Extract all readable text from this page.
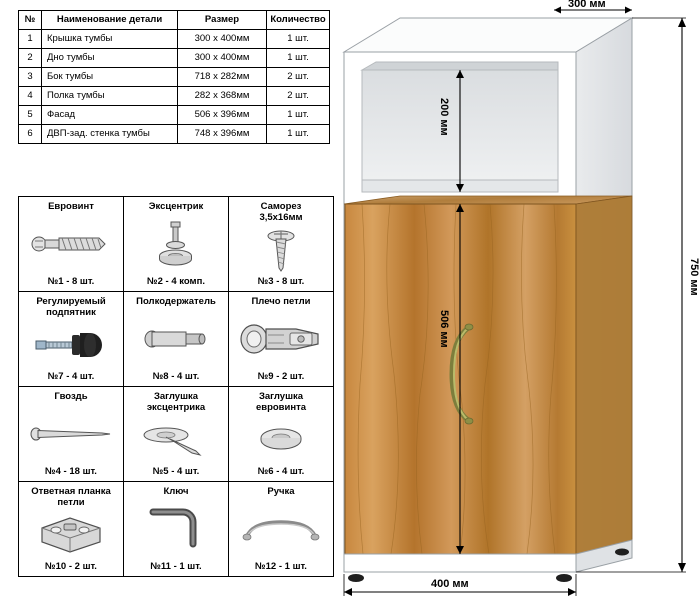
№	Наименование детали	Размер	Количество
1	Крышка тумбы	300 x 400мм	1 шт.
2	Дно тумбы	300 x 400мм	1 шт.
3	Бок тумбы	718 x 282мм	2 шт.
4	Полка тумбы	282 x 368мм	2 шт.
5	Фасад	506 x 396мм	1 шт.
6	ДВП-зад. стенка тумбы	748 x 396мм	1 шт.
Евровинт
№1 - 8 шт.

Эксцентрик
№2 - 4 комп.

Саморез
3,5x16мм
№3 - 8 шт.

Регулируемый
подпятник
№7 - 4 шт.

Полкодержатель
№8 - 4 шт.

Плечо петли
№9 - 2 шт.

Гвоздь
№4 - 18 шт.

Заглушка
эксцентрика
№5 - 4 шт.

Заглушка
евровинта
№6 - 4 шт.

Ответная планка
петли
№10 - 2 шт.

Ключ
№11 - 1 шт.

Ручка
№12 - 1 шт.
300 мм
200 мм
506 мм
750 мм
400 мм
